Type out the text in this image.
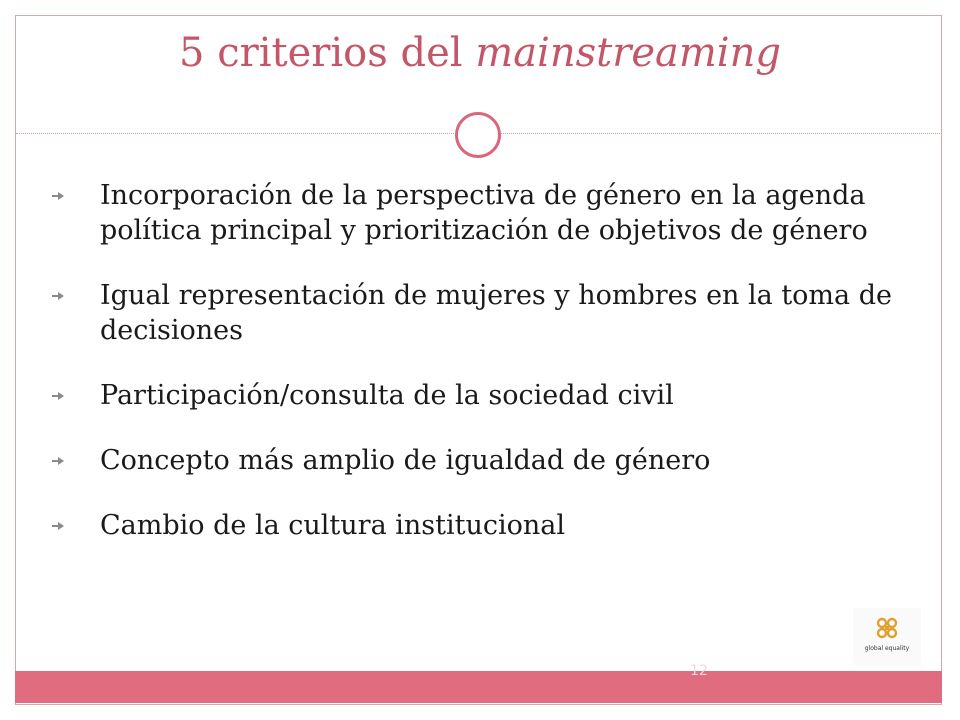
5 criterios del mainstreaming
Incorporación de la perspectiva de género en la agenda política principal y prioritización de objetivos de género
Igual representación de mujeres y hombres en la toma de decisiones
Participación/consulta de la sociedad civil
Concepto más amplio de igualdad de género
Cambio de la cultura institucional
global equality
12
